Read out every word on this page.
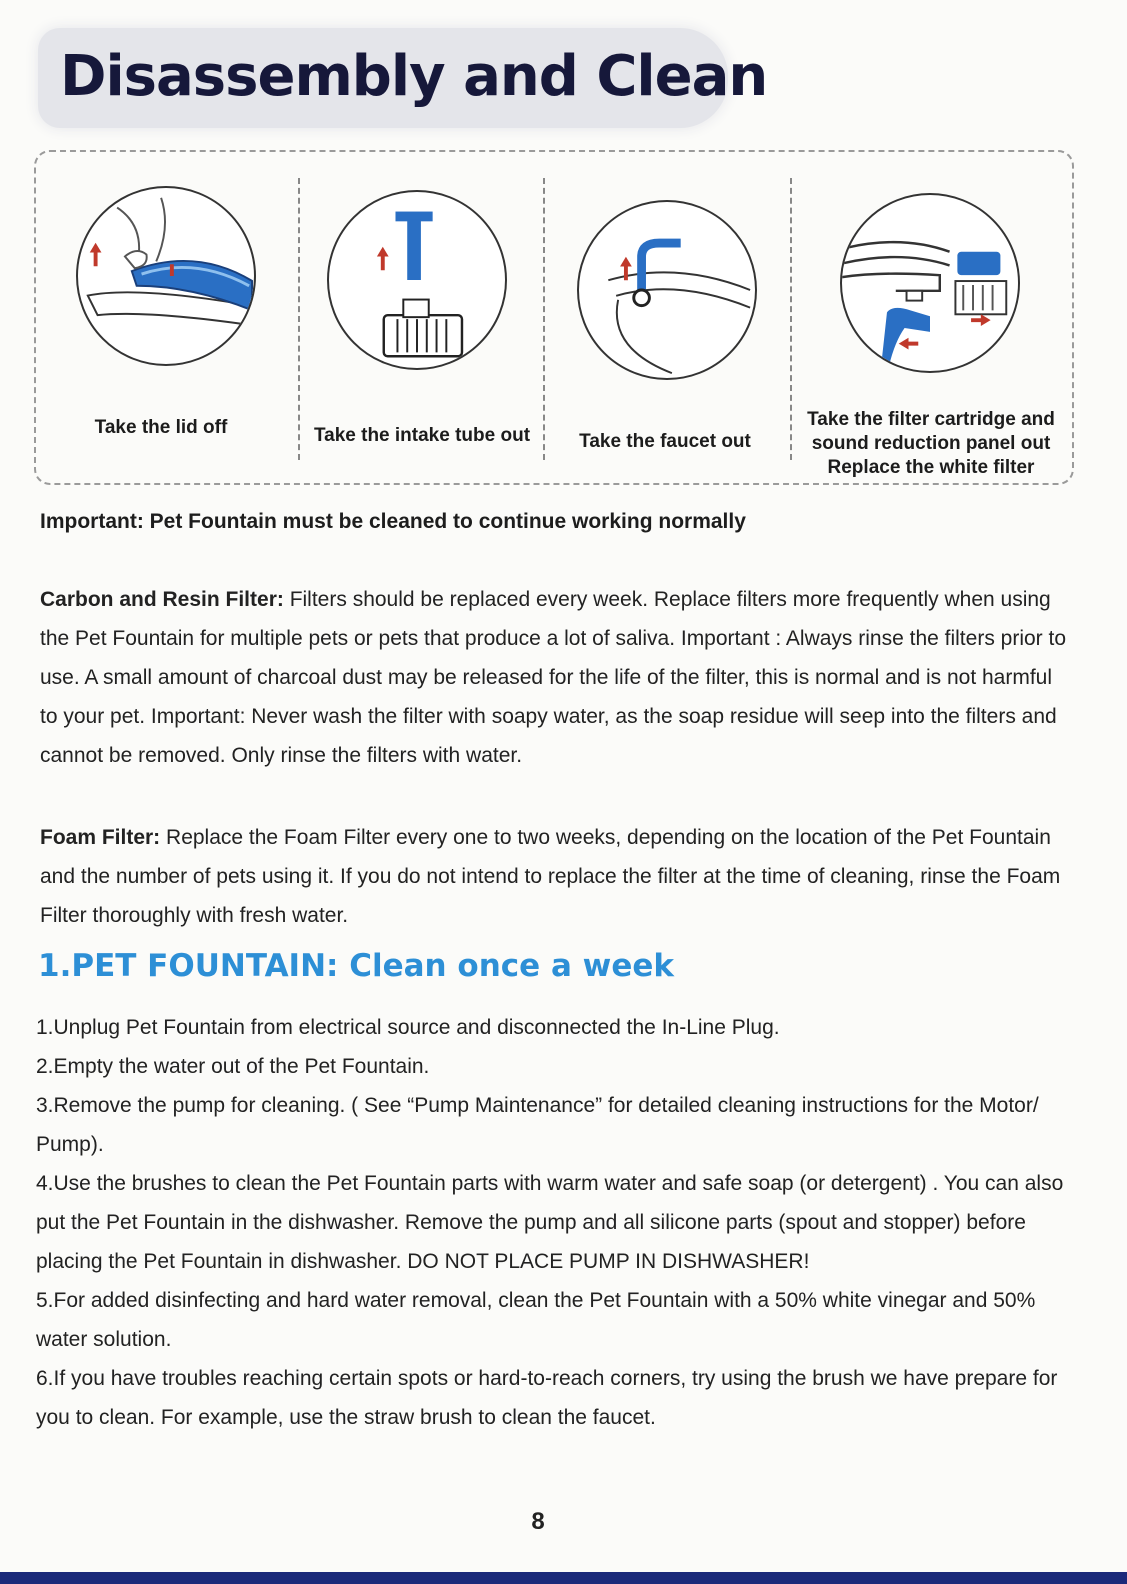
Disassembly and Clean
Take the lid off	Take the intake tube out	Take the faucet out
Take the filter cartridge and
sound reduction panel out
Replace the white filter
Important: Pet Fountain must be cleaned to continue working normally
Carbon and Resin Filter: Filters should be replaced every week. Replace filters more frequently when using the Pet Fountain for multiple pets or pets that produce a lot of saliva. Important : Always rinse the filters prior to use. A small amount of charcoal dust may be released for the life of the filter, this is normal and is not harmful to your pet. Important: Never wash the filter with soapy water, as the soap residue will seep into the filters and cannot be removed. Only rinse the filters with water.
Foam Filter: Replace the Foam Filter every one to two weeks, depending on the location of the Pet Fountain and the number of pets using it. If you do not intend to replace the filter at the time of cleaning, rinse the Foam Filter thoroughly with fresh water.
1.PET FOUNTAIN: Clean once a week
1.Unplug Pet Fountain from electrical source and disconnected the In-Line Plug.
2.Empty the water out of the Pet Fountain.
3.Remove the pump for cleaning. ( See “Pump Maintenance” for detailed cleaning instructions for the Motor/ Pump).
4.Use the brushes to clean the Pet Fountain parts with warm water and safe soap (or detergent) . You can also put the Pet Fountain in the dishwasher. Remove the pump and all silicone parts (spout and stopper) before placing the Pet Fountain in dishwasher. DO NOT PLACE PUMP IN DISHWASHER!
5.For added disinfecting and hard water removal, clean the Pet Fountain with a 50% white vinegar and 50% water solution.
6.If you have troubles reaching certain spots or hard-to-reach corners, try using the brush we have prepare for you to clean. For example, use the straw brush to clean the faucet.
8
